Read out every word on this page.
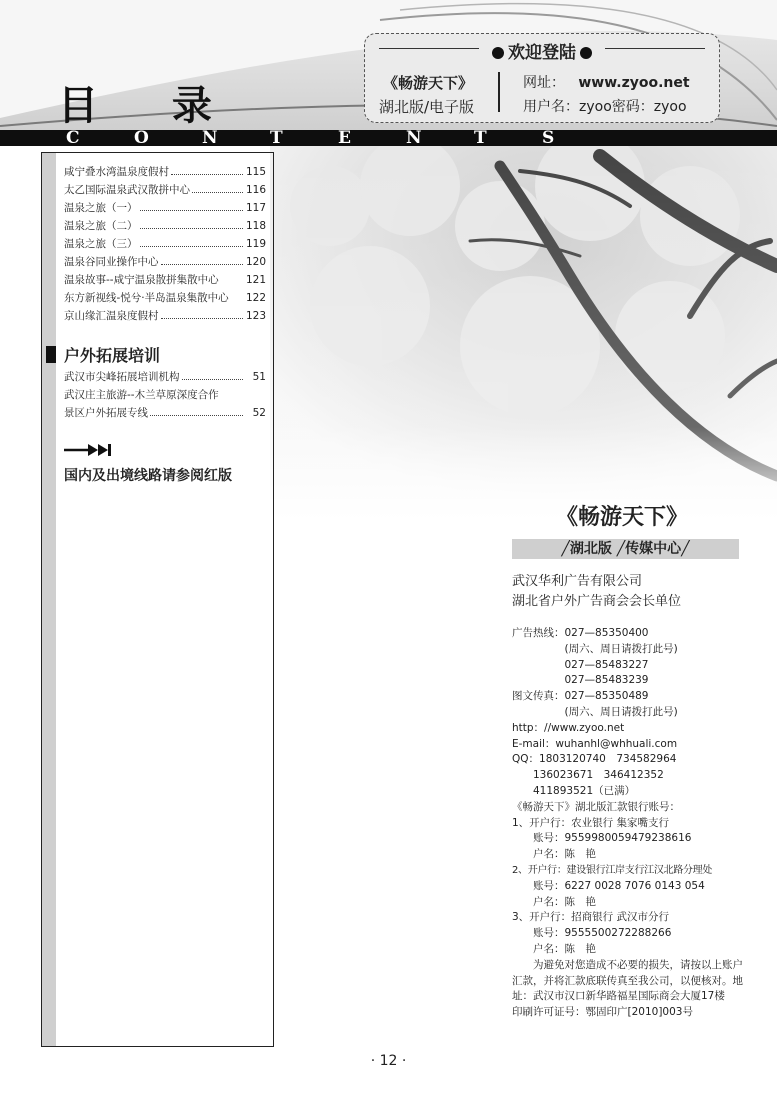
目 录
欢迎登陆
《畅游天下》
湖北版/电子版
网址： www.zyoo.net
用户名：zyoo密码：zyoo
C	O	N	T	E	N	T	S
咸宁叠水湾温泉度假村	115
太乙国际温泉武汉散拼中心	116
温泉之旅（一）	117
温泉之旅（二）	118
温泉之旅（三）	119
温泉谷同业操作中心	120
温泉故事--咸宁温泉散拼集散中心	121
东方新视线-悦兮·半岛温泉集散中心 122
京山缘汇温泉度假村	123
户外拓展培训
武汉市尖峰拓展培训机构	51
武汉庄主旅游--木兰草原深度合作
景区户外拓展专线	52
国内及出境线路请参阅红版
《畅游天下》
╱湖北版 ╱传媒中心╱
武汉华利广告有限公司
湖北省户外广告商会会长单位
广告热线：027—85350400
　　　　　(周六、周日请拨打此号)
　　　　　027—85483227
　　　　　027—85483239
图文传真：027—85350489
　　　　　(周六、周日请拨打此号)
http：//www.zyoo.net
E-mail：wuhanhl@whhuali.com
QQ：1803120740　734582964
　　136023671　346412352
　　411893521（已满）
《畅游天下》湖北版汇款银行账号：
1、开户行：农业银行 集家嘴支行
　　账号：9559980059479238616
　　户名：陈　艳
2、开户行：建设银行江岸支行江汉北路分理处
　　账号：6227 0028 7076 0143 054
　　户名：陈　艳
3、开户行：招商银行 武汉市分行
　　账号：9555500272288266
　　户名：陈　艳
为避免对您造成不必要的损失，请按以上账户汇款，并将汇款底联传真至我公司，以便核对。地址：武汉市汉口新华路福星国际商会大厦17楼
印刷许可证号：鄂固印广[2010]003号
· 12 ·
